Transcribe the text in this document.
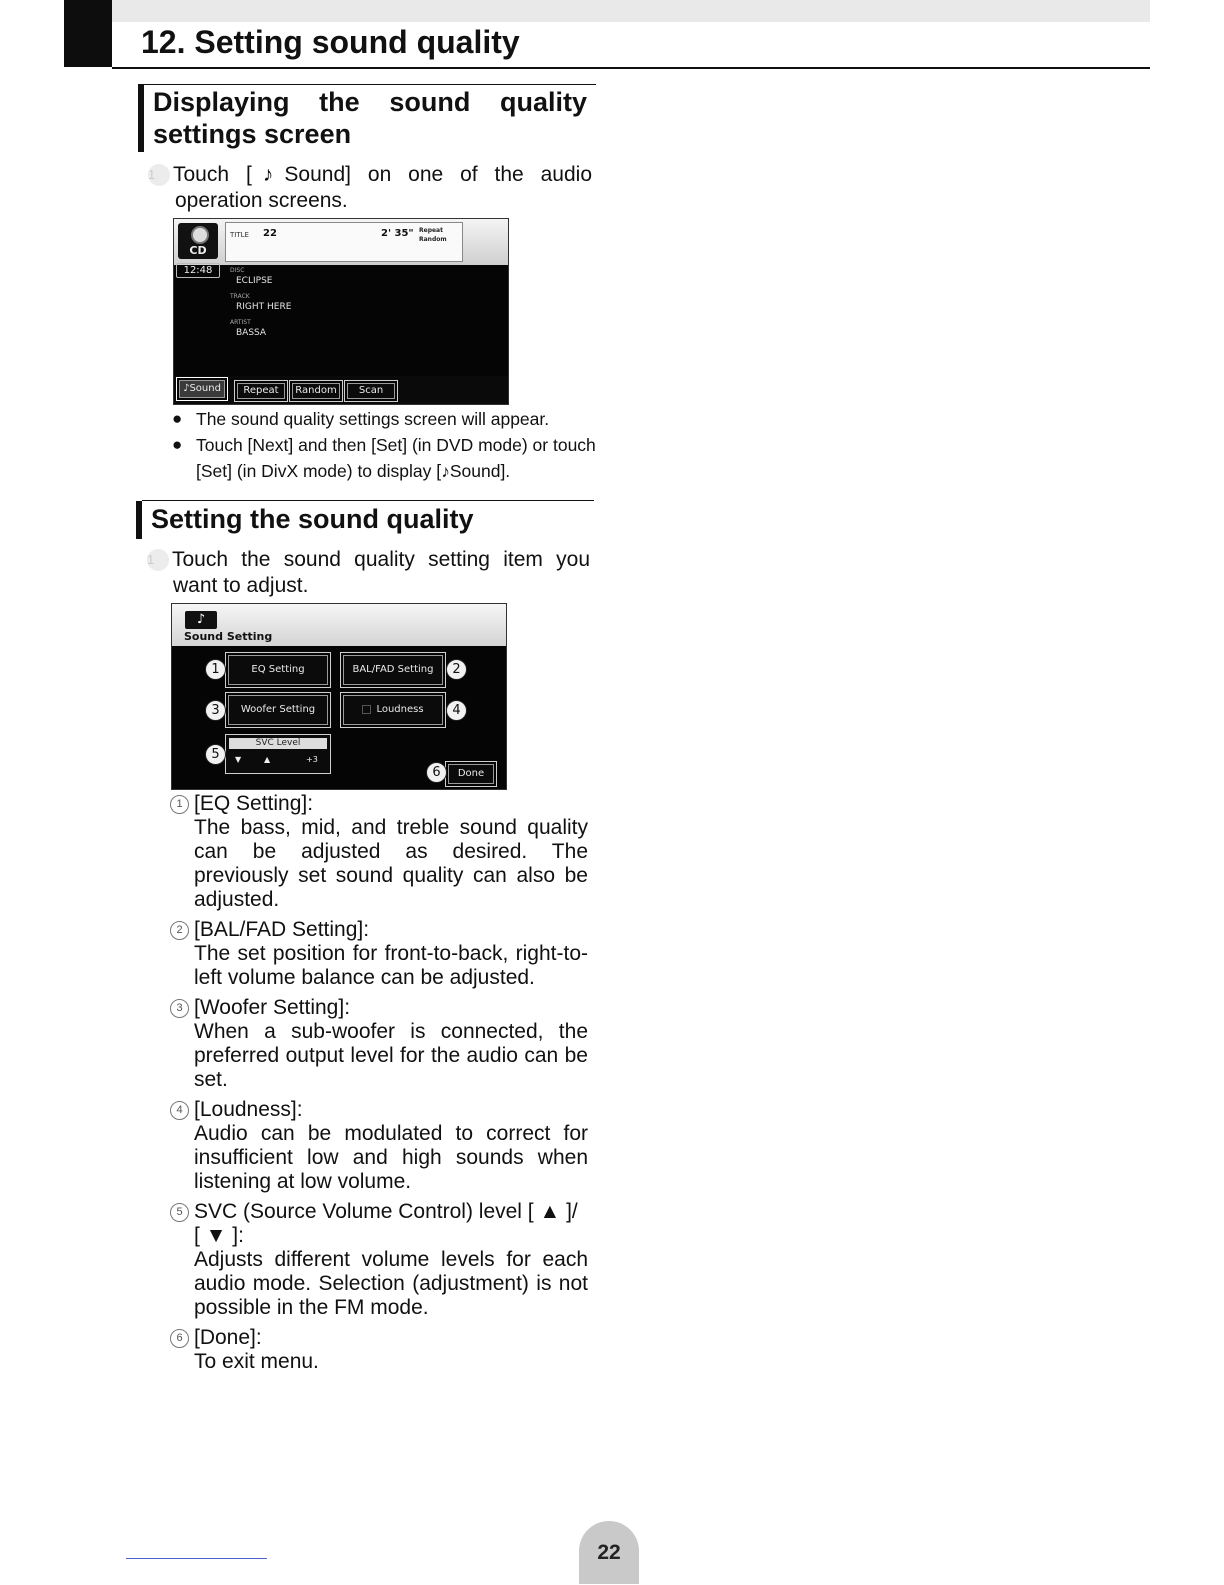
12. Setting sound quality
Displaying the sound quality
settings screen
1 Touch [♪Sound] on one of the audio
operation screens.
CD
TITLE 22	2' 35" Repeat
Random
12:48	DISC
ECLIPSE
TRACK
RIGHT HERE
ARTIST
BASSA
♪Sound	Repeat	Random	Scan
● The sound quality settings screen will appear.
● Touch [Next] and then [Set] (in DVD mode) or touch [Set] (in DivX mode) to display [♪Sound].
Setting the sound quality
1 Touch the sound quality setting item you
want to adjust.
♪
Sound Setting
EQ Setting	BAL/FAD Setting
Woofer Setting	Loudness
SVC Level
▼	▲	+3
Done
1	2
3	4
5
6
1 [EQ Setting]:
The bass, mid, and treble sound quality can be adjusted as desired. The previously set sound quality can also be adjusted.
2 [BAL/FAD Setting]:
The set position for front-to-back, right-to-left volume balance can be adjusted.
3 [Woofer Setting]:
When a sub-woofer is connected, the preferred output level for the audio can be set.
4 [Loudness]:
Audio can be modulated to correct for insufficient low and high sounds when listening at low volume.
5 SVC (Source Volume Control) level [ ▲ ]/ [ ▼ ]:
Adjusts different volume levels for each audio mode. Selection (adjustment) is not possible in the FM mode.
6 [Done]:
To exit menu.
22
